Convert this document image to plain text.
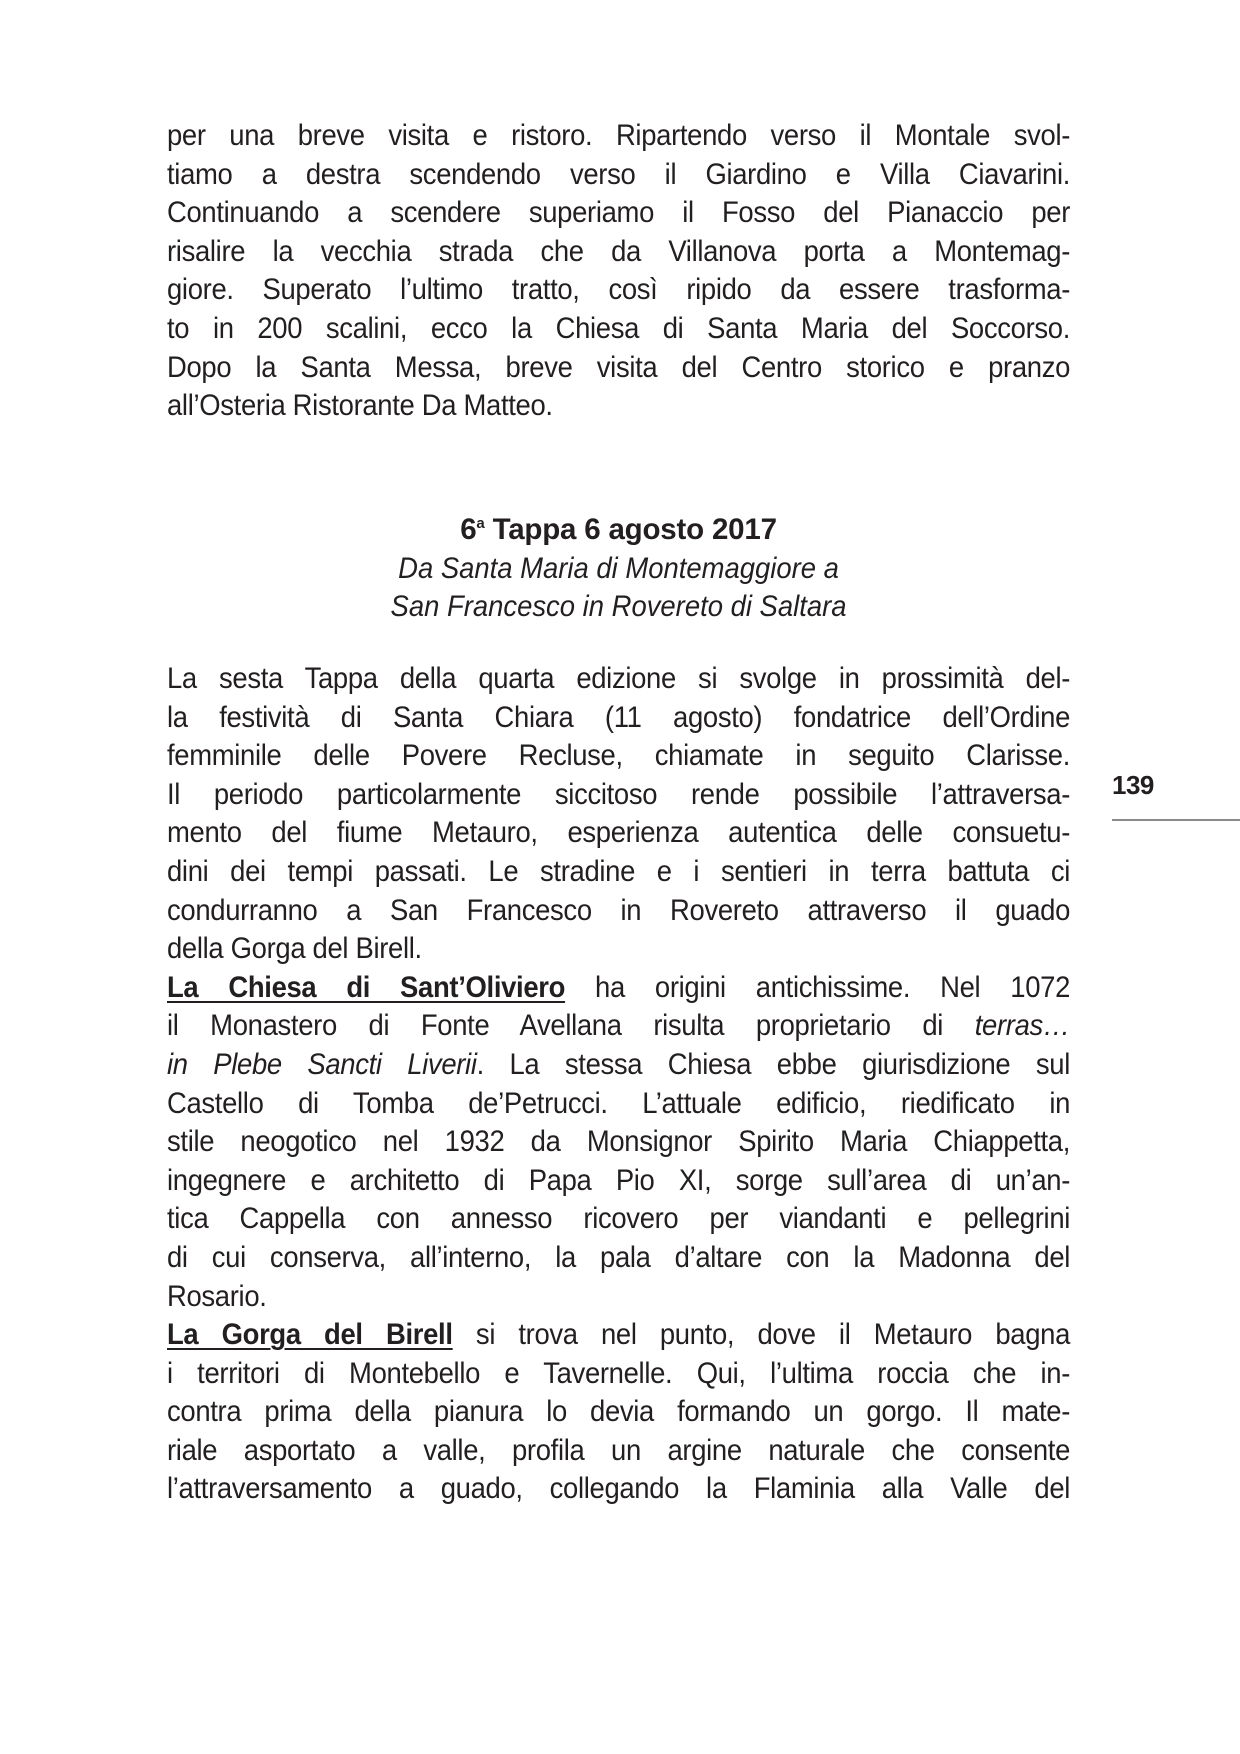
per una breve visita e ristoro. Ripartendo verso il Montale svol-
tiamo a destra scendendo verso il Giardino e Villa Ciavarini.
Continuando a scendere superiamo il Fosso del Pianaccio per
risalire la vecchia strada che da Villanova porta a Montemag-
giore. Superato l’ultimo tratto, così ripido da essere trasforma-
to in 200 scalini, ecco la Chiesa di Santa Maria del Soccorso.
Dopo la Santa Messa, breve visita del Centro storico e pranzo
all’Osteria Ristorante Da Matteo.
6$^a$ Tappa 6 agosto 2017
Da Santa Maria di Montemaggiore a
San Francesco in Rovereto di Saltara
La sesta Tappa della quarta edizione si svolge in prossimità del-
la festività di Santa Chiara (11 agosto) fondatrice dell’Ordine
femminile delle Povere Recluse, chiamate in seguito Clarisse.
Il periodo particolarmente siccitoso rende possibile l’attraversa-
mento del fiume Metauro, esperienza autentica delle consuetu-
dini dei tempi passati. Le stradine e i sentieri in terra battuta ci
condurranno a San Francesco in Rovereto attraverso il guado
della Gorga del Birell.
La Chiesa di Sant’Oliviero ha origini antichissime. Nel 1072
il Monastero di Fonte Avellana risulta proprietario di terras…
in Plebe Sancti Liverii. La stessa Chiesa ebbe giurisdizione sul
Castello di Tomba de’Petrucci. L’attuale edificio, riedificato in
stile neogotico nel 1932 da Monsignor Spirito Maria Chiappetta,
ingegnere e architetto di Papa Pio XI, sorge sull’area di un’an-
tica Cappella con annesso ricovero per viandanti e pellegrini
di cui conserva, all’interno, la pala d’altare con la Madonna del
Rosario.
La Gorga del Birell si trova nel punto, dove il Metauro bagna
i territori di Montebello e Tavernelle. Qui, l’ultima roccia che in-
contra prima della pianura lo devia formando un gorgo. Il mate-
riale asportato a valle, profila un argine naturale che consente
l’attraversamento a guado, collegando la Flaminia alla Valle del
139
